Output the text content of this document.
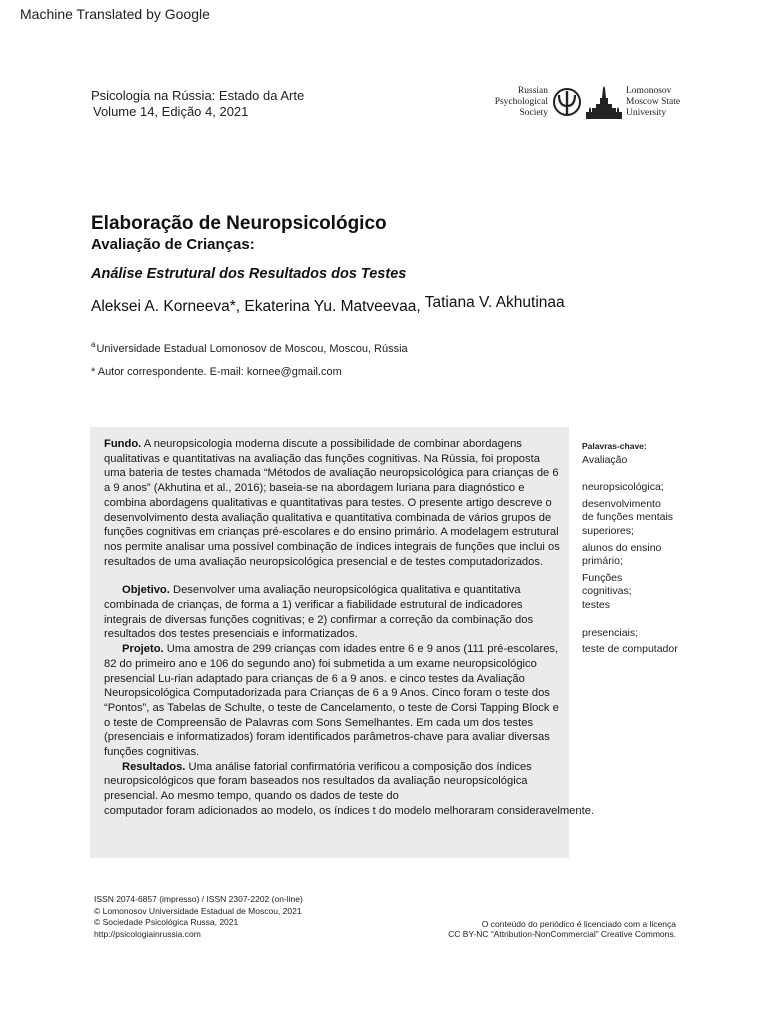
Machine Translated by Google
Psicologia na Rússia: Estado da Arte
Volume 14, Edição 4, 2021
Russian
Psychological
Society
Lomonosov
Moscow State
University
Elaboração de Neuropsicológico
Avaliação de Crianças:
Análise Estrutural dos Resultados dos Testes
Aleksei A. Korneeva*, Ekaterina Yu. Matveevaa, Tatiana V. Akhutinaa
$^a$Universidade Estadual Lomonosov de Moscou, Moscou, Rússia
* Autor correspondente. E-mail: kornee@gmail.com

Fundo. A neuropsicologia moderna discute a possibilidade de combinar abordagens qualitativas e quantitativas na avaliação das funções cognitivas. Na Rússia, foi proposta uma bateria de testes chamada “Métodos de avaliação neuropsicológica para crianças de 6 a 9 anos” (Akhutina et al., 2016); baseia-se na abordagem luriana para diagnóstico e combina abordagens qualitativas e quantitativas para testes. O presente artigo descreve o desenvolvimento desta avaliação qualitativa e quantitativa combinada de vários grupos de funções cognitivas em crianças pré-escolares e do ensino primário. A modelagem estrutural nos permite analisar uma possível combinação de índices integrais de funções que inclui os resultados de uma avaliação neuropsicológica presencial e de testes computadorizados.

Objetivo. Desenvolver uma avaliação neuropsicológica qualitativa e quantitativa combinada de crianças, de forma a 1) verificar a fiabilidade estrutural de indicadores integrais de diversas funções cognitivas; e 2) confirmar a correção da combinação dos resultados dos testes presenciais e informatizados.

Projeto. Uma amostra de 299 crianças com idades entre 6 e 9 anos (111 pré-escolares, 82 do primeiro ano e 106 do segundo ano) foi submetida a um exame neuropsicológico presencial Lu-rian adaptado para crianças de 6 a 9 anos. e cinco testes da Avaliação Neuropsicológica Computadorizada para Crianças de 6 a 9 Anos. Cinco foram o teste dos “Pontos”, as Tabelas de Schulte, o teste de Cancelamento, o teste de Corsi Tapping Block e o teste de Compreensão de Palavras com Sons Semelhantes. Em cada um dos testes (presenciais e informatizados) foram identificados parâmetros-chave para avaliar diversas funções cognitivas.

Resultados. Uma análise fatorial confirmatória verificou a composição dos índices neuropsicológicos que foram baseados nos resultados da avaliação neuropsicológica presencial. Ao mesmo tempo, quando os dados de teste do

computador foram adicionados ao modelo, os índices t do modelo melhoraram consideravelmente.
Palavras-chave:
Avaliação
neuropsicológica;
desenvolvimento
de funções mentais
superiores;
alunos do ensino
primário;
Funções
cognitivas;
testes
presenciais;
teste de computador
ISSN 2074-6857 (impresso) / ISSN 2307-2202 (on-line)
© Lomonosov Universidade Estadual de Moscou, 2021
© Sociedade Psicológica Russa, 2021
http://psicologiainrussia.com
O conteúdo do periódico é licenciado com a licença
CC BY-NC “Attribution-NonCommercial” Creative Commons.
